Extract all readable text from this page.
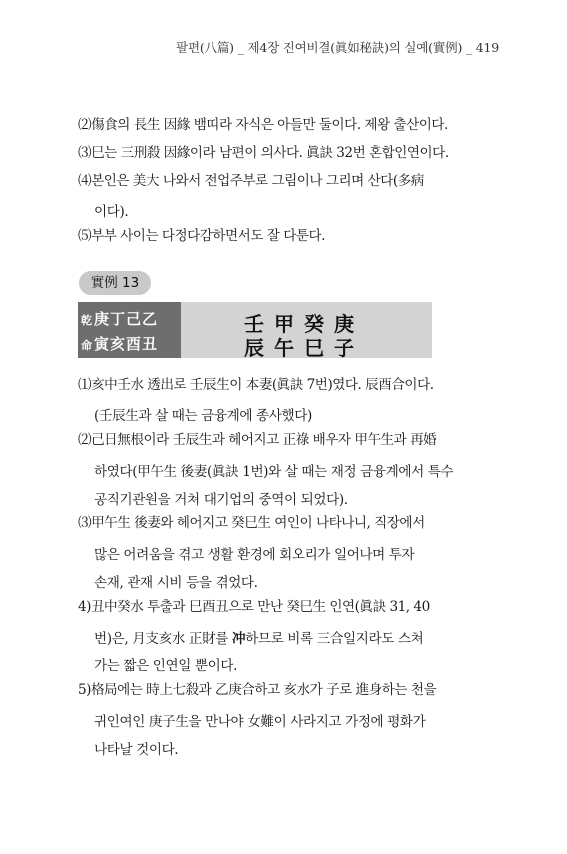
팔편(八篇) _ 제4장 진여비결(眞如秘訣)의 실예(實例) _ 419
⑵傷食의 長生 因緣 뱀띠라 자식은 아들만 둘이다. 제왕 출산이다.
⑶巳는 三刑殺 因緣이라 남편이 의사다. 眞訣 32번 혼합인연이다.
⑷본인은 美大 나와서 전업주부로 그림이나 그리며 산다(多病
이다).
⑸부부 사이는 다정다감하면서도 잘 다툰다.
實例 13
乾庚丁己乙
命寅亥酉丑
壬甲癸庚
辰午巳子
⑴亥中壬水 透出로 壬辰生이 本妻(眞訣 7번)였다. 辰酉合이다.
(壬辰生과 살 때는 금융계에 종사했다)
⑵己日無根이라 壬辰生과 헤어지고 正祿 배우자 甲午生과 再婚
하였다(甲午生 後妻(眞訣 1번)와 살 때는 재정 금융계에서 특수
공직기관원을 거쳐 대기업의 중역이 되었다).
⑶甲午生 後妻와 헤어지고 癸巳生 여인이 나타나니, 직장에서
많은 어려움을 겪고 생활 환경에 회오리가 일어나며 투자
손재, 관재 시비 등을 겪었다.
4)丑中癸水 투출과 巳酉丑으로 만난 癸巳生 인연(眞訣 31, 40
번)은, 月支亥水 正財를 冲하므로 비록 三合일지라도 스쳐
가는 짧은 인연일 뿐이다.
5)格局에는 時上七殺과 乙庚合하고 亥水가 子로 進身하는 천을
귀인여인 庚子生을 만나야 女難이 사라지고 가정에 평화가
나타날 것이다.
